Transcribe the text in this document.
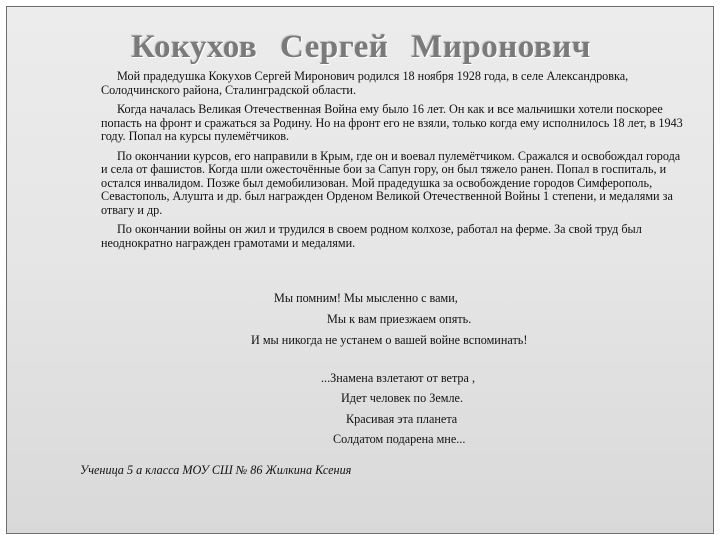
Кокухов Сергей Миронович

Мой прадедушка Кокухов Сергей Миронович родился 18 ноября 1928 года, в селе Александровка, Солодчинского района, Сталинградской области.

Когда началась Великая Отечественная Война ему было 16 лет. Он как и все мальчишки хотели поскорее попасть на фронт и сражаться за Родину. Но на фронт его не взяли, только когда ему исполнилось 18 лет, в 1943 году. Попал на курсы пулемётчиков.

По окончании курсов, его направили в Крым, где он и воевал пулемётчиком. Сражался и освобождал города и села от фашистов. Когда шли ожесточённые бои за Сапун гору, он был тяжело ранен. Попал в госпиталь, и остался инвалидом. Позже был демобилизован. Мой прадедушка за освобождение городов Симферополь, Севастополь, Алушта и др. был награжден Орденом Великой Отечественной Войны 1 степени, и медалями за отвагу и др.

По окончании войны он жил и трудился в своем родном колхозе, работал на ферме. За свой труд был неоднократно награжден грамотами и медалями.

Мы помним! Мы мысленно с вами,
Мы к вам приезжаем опять.
И мы никогда не устанем о вашей войне вспоминать!
...Знамена взлетают от ветра ,
Идет человек по Земле.
Красивая эта планета
Солдатом подарена мне...
Ученица 5 а класса МОУ СШ № 86 Жилкина Ксения
